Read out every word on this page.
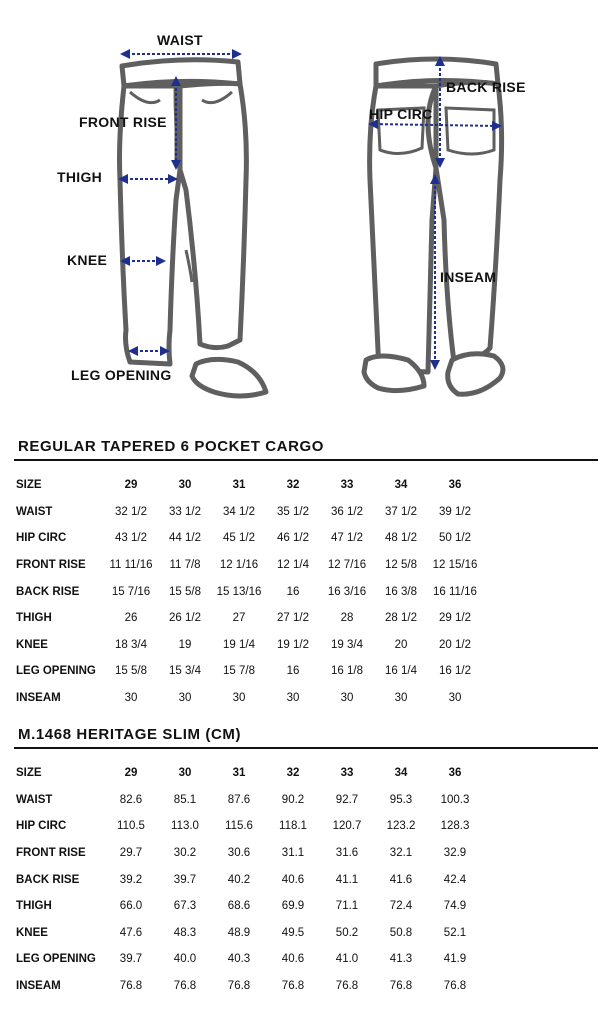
WAIST
FRONT RISE
THIGH
KNEE
LEG OPENING
BACK RISE
HIP CIRC
INSEAM
REGULAR TAPERED 6 POCKET CARGO
SIZE	29	30	31	32	33	34	36
WAIST	32 1/2	33 1/2	34 1/2	35 1/2	36 1/2	37 1/2	39 1/2
HIP CIRC	43 1/2	44 1/2	45 1/2	46 1/2	47 1/2	48 1/2	50 1/2
FRONT RISE	11 11/16	11 7/8	12 1/16	12 1/4	12 7/16	12 5/8	12 15/16
BACK RISE	15 7/16	15 5/8	15 13/16	16	16 3/16	16 3/8	16 11/16
THIGH	26	26 1/2	27	27 1/2	28	28 1/2	29 1/2
KNEE	18 3/4	19	19 1/4	19 1/2	19 3/4	20	20 1/2
LEG OPENING	15 5/8	15 3/4	15 7/8	16	16 1/8	16 1/4	16 1/2
INSEAM	30	30	30	30	30	30	30
M.1468 HERITAGE SLIM (CM)
SIZE	29	30	31	32	33	34	36
WAIST	82.6	85.1	87.6	90.2	92.7	95.3	100.3
HIP CIRC	110.5	113.0	115.6	118.1	120.7	123.2	128.3
FRONT RISE	29.7	30.2	30.6	31.1	31.6	32.1	32.9
BACK RISE	39.2	39.7	40.2	40.6	41.1	41.6	42.4
THIGH	66.0	67.3	68.6	69.9	71.1	72.4	74.9
KNEE	47.6	48.3	48.9	49.5	50.2	50.8	52.1
LEG OPENING	39.7	40.0	40.3	40.6	41.0	41.3	41.9
INSEAM	76.8	76.8	76.8	76.8	76.8	76.8	76.8
